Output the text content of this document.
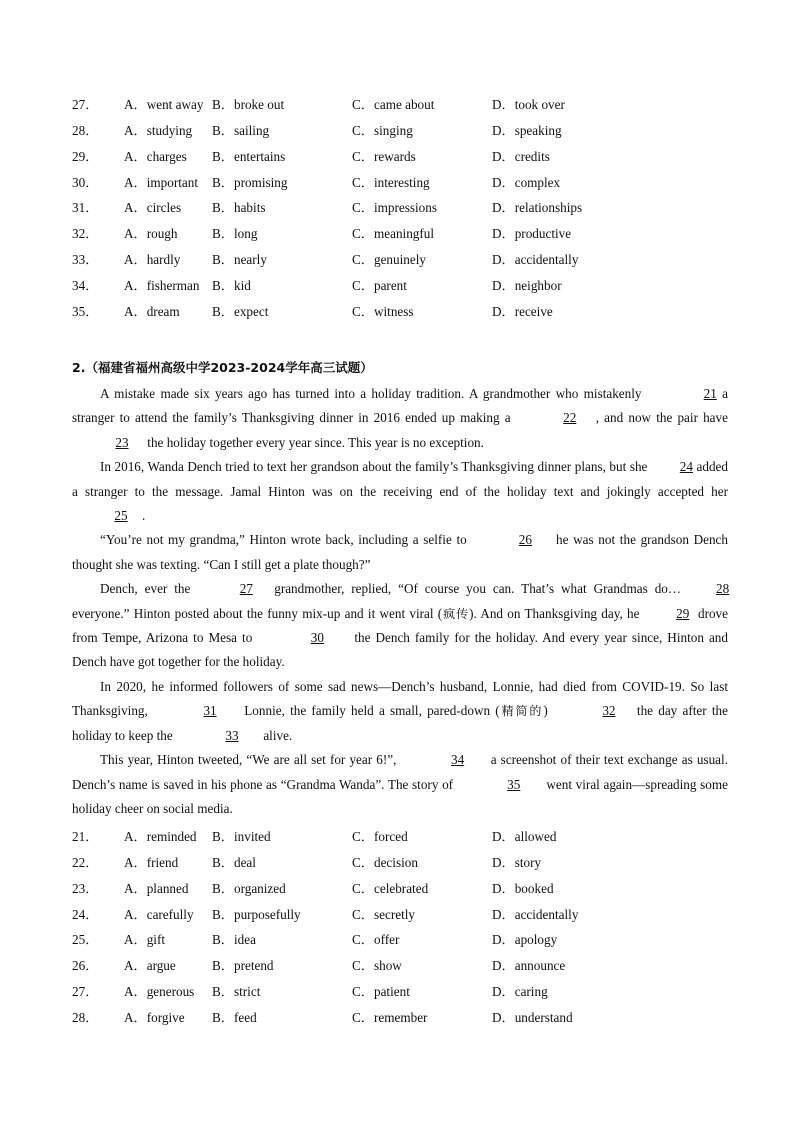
27． A．went away B．broke out	C．came about	D．took over
28． A．studying B．sailing	C．singing	D．speaking
29． A．charges B．entertains	C．rewards	D．credits
30． A．important B．promising	C．interesting	D．complex
31． A．circles B．habits	C．impressions	D．relationships
32． A．rough	B．long	C．meaningful	D．productive
33． A．hardly B．nearly	C．genuinely	D．accidentally
34． A．fisherman B．kid	C．parent	D．neighbor
35． A．dream B．expect	C．witness	D．receive
2.（福建省福州高级中学2023-2024学年高三试题）

A mistake made six years ago has turned into a holiday tradition. A grandmother who mistakenly	21 a stranger to attend the family’s Thanksgiving dinner in 2016 ended up making a	22 , and now the pair have 23 the holiday together every year since. This year is no exception.

In 2016, Wanda Dench tried to text her grandson about the family’s Thanksgiving dinner plans, but she 24 added a stranger to the message. Jamal Hinton was on the receiving end of the holiday text and jokingly accepted her 25 .

“You’re not my grandma,” Hinton wrote back, including a selfie to	26 he was not the grandson Dench thought she was texting. “Can I still get a plate though?”

Dench, ever the	27 grandmother, replied, “Of course you can. That’s what Grandmas do… 28 everyone.” Hinton posted about the funny mix-up and it went viral (疯传). And on Thanksgiving day, he 29 drove from Tempe, Arizona to Mesa to	30 the Dench family for the holiday. And every year since, Hinton and Dench have got together for the holiday.

In 2020, he informed followers of some sad news—Dench’s husband, Lonnie, had died from COVID-19. So last Thanksgiving,	31 Lonnie, the family held a small, pared-down (精简的)	32 the day after the holiday to keep the	33 alive.

This year, Hinton tweeted, “We are all set for year 6!”,	34 a screenshot of their text exchange as usual. Dench’s name is saved in his phone as “Grandma Wanda”. The story of	35 went viral again—spreading some holiday cheer on social media.

21． A．reminded B．invited	C．forced	D．allowed
22． A．friend	B．deal	C．decision	D．story
23． A．planned B．organized	C．celebrated	D．booked
24． A．carefully B．purposefully	C．secretly	D．accidentally
25． A．gift	B．idea	C．offer	D．apology
26． A．argue	B．pretend	C．show	D．announce
27． A．generous B．strict	C．patient	D．caring
28． A．forgive B．feed	C．remember	D．understand
